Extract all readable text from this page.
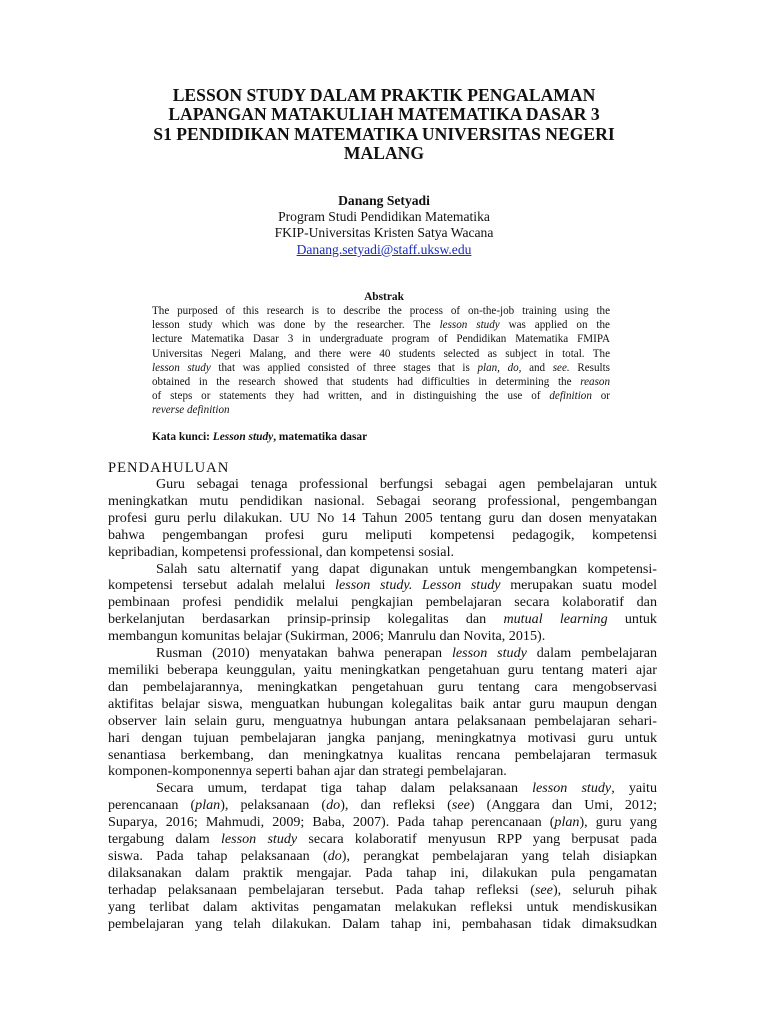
LESSON STUDY DALAM PRAKTIK PENGALAMAN
LAPANGAN MATAKULIAH MATEMATIKA DASAR 3
S1 PENDIDIKAN MATEMATIKA UNIVERSITAS NEGERI
MALANG
Danang Setyadi
Program Studi Pendidikan Matematika
FKIP-Universitas Kristen Satya Wacana
Danang.setyadi@staff.uksw.edu
Abstrak
The purposed of this research is to describe the process of on-the-job training using the
lesson study which was done by the researcher. The lesson study was applied on the
lecture Matematika Dasar 3 in undergraduate program of Pendidikan Matematika FMIPA
Universitas Negeri Malang, and there were 40 students selected as subject in total. The
lesson study that was applied consisted of three stages that is plan, do, and see. Results
obtained in the research showed that students had difficulties in determining the reason
of steps or statements they had written, and in distinguishing the use of definition or
reverse definition
Kata kunci: Lesson study, matematika dasar
PENDAHULUAN
Guru sebagai tenaga professional berfungsi sebagai agen pembelajaran untuk
meningkatkan mutu pendidikan nasional. Sebagai seorang professional, pengembangan
profesi guru perlu dilakukan. UU No 14 Tahun 2005 tentang guru dan dosen menyatakan
bahwa pengembangan profesi guru meliputi kompetensi pedagogik, kompetensi
kepribadian, kompetensi professional, dan kompetensi sosial.
Salah satu alternatif yang dapat digunakan untuk mengembangkan kompetensi-
kompetensi tersebut adalah melalui lesson study. Lesson study merupakan suatu model
pembinaan profesi pendidik melalui pengkajian pembelajaran secara kolaboratif dan
berkelanjutan berdasarkan prinsip-prinsip kolegalitas dan mutual learning untuk
membangun komunitas belajar (Sukirman, 2006; Manrulu dan Novita, 2015).
Rusman (2010) menyatakan bahwa penerapan lesson study dalam pembelajaran
memiliki beberapa keunggulan, yaitu meningkatkan pengetahuan guru tentang materi ajar
dan pembelajarannya, meningkatkan pengetahuan guru tentang cara mengobservasi
aktifitas belajar siswa, menguatkan hubungan kolegalitas baik antar guru maupun dengan
observer lain selain guru, menguatnya hubungan antara pelaksanaan pembelajaran sehari-
hari dengan tujuan pembelajaran jangka panjang, meningkatnya motivasi guru untuk
senantiasa berkembang, dan meningkatnya kualitas rencana pembelajaran termasuk
komponen-komponennya seperti bahan ajar dan strategi pembelajaran.
Secara umum, terdapat tiga tahap dalam pelaksanaan lesson study, yaitu
perencanaan (plan), pelaksanaan (do), dan refleksi (see) (Anggara dan Umi, 2012;
Suparya, 2016; Mahmudi, 2009; Baba, 2007). Pada tahap perencanaan (plan), guru yang
tergabung dalam lesson study secara kolaboratif menyusun RPP yang berpusat pada
siswa. Pada tahap pelaksanaan (do), perangkat pembelajaran yang telah disiapkan
dilaksanakan dalam praktik mengajar. Pada tahap ini, dilakukan pula pengamatan
terhadap pelaksanaan pembelajaran tersebut. Pada tahap refleksi (see), seluruh pihak
yang terlibat dalam aktivitas pengamatan melakukan refleksi untuk mendiskusikan
pembelajaran yang telah dilakukan. Dalam tahap ini, pembahasan tidak dimaksudkan
